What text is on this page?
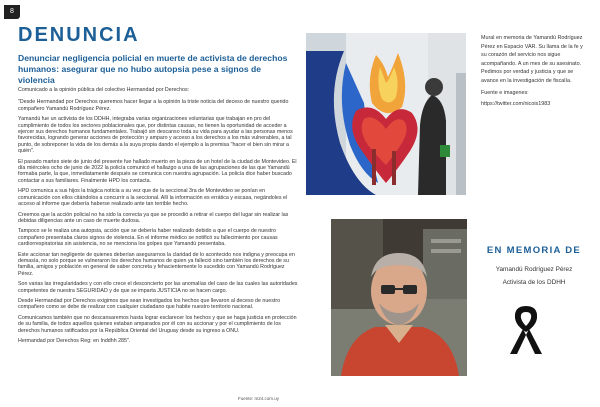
8
DENUNCIA
Denunciar negligencia policial en muerte de activista de derechos humanos: asegurar que no hubo autopsia pese a signos de violencia

Comunicado a la opinión pública del colectivo Hermandad por Derechos:

"Desde Hermandad por Derechos queremos hacer llegar a la opinión la triste noticia del deceso de nuestro querido compañero Yamandú Rodríguez Pérez.

Yamandú fue un activista de los DDHH, integraba varias organizaciones voluntarias que trabajan en pro del cumplimiento de todos los sectores poblacionales que, por distintas causas, no tienen la oportunidad de acceder a ejercer sus derechos humanos fundamentales. Trabajó sin descanso toda su vida para ayudar a las personas menos favorecidas, logrando generar acciones de protección y amparo y acceso a los derechos a los más vulnerables, a tal punto, de sobreponer la vida de los demás a la suya propia dando el ejemplo a la premisa "hacer el bien sin mirar a quién".

El pasado martes siete de junio del presente fue hallado muerto en la pieza de un hotel de la ciudad de Montevideo. El día miércoles ocho de junio de 2022 la policía comunicó el hallazgo a una de las agrupaciones de las que Yamandú formaba parte, la que, inmediatamente después se comunica con nuestra agrupación. La policía dice haber buscado contactar a sus familiares. Finalmente HPD los contacta.

HPD comunica a sus hijos la trágica noticia a su vez que de la seccional 3ra de Montevideo se ponían en comunicación con ellos citándolos a concurrir a la seccional. Allí la información es errática y escasa, negándoles el acceso al informe que debería haberse realizado ante tan terrible hecho.

Creemos que la acción policial no ha sido la correcta ya que se procedió a retirar el cuerpo del lugar sin realizar las debidas diligencias ante un caso de muerte dudosa.

Tampoco se le realiza una autopsia, acción que se debería haber realizado debido a que el cuerpo de nuestro compañero presentaba claros signos de violencia. En el informe médico se notificó su fallecimiento por causas cardiorrespiratorias sin asistencia, no se menciona los golpes que Yamandú presentaba.

Este accionar tan negligente de quienes deberían asegurarnos la claridad de lo acontecido nos indigna y preocupa en demasía, no solo porque se vulneraron los derechos humanos de quien ya falleció sino también los derechos de su familia, amigos y población en general de saber concreta y fehacientemente lo sucedido con Yamandú Rodríguez Pérez.

Son varias las irregularidades y con ello crece el desconcierto por las anomalías del caso de las cuales las autoridades competentes de nuestra SEGURIDAD y de que se imparta JUSTICIA no se hacen cargo.

Desde Hermandad por Derechos exigimos que sean investigados los hechos que llevaron al deceso de nuestro compañero como se debe de realizar con cualquier ciudadano que habite nuestro territorio nacional.

Comunicamos también que no descansaremos hasta lograr esclarecer los hechos y que se haga justicia en protección de su familia, de todos aquellos quienes estaban amparados por él con su accionar y por el cumplimiento de los derechos humanos ratificados por la República Oriental del Uruguay desde su ingreso a ONU.

Hermandad por Derechos Reg: en Inddhh 285".

Fuente: m24.com.uy

Mural en memoria de Yamandú Rodríguez Pérez en Espacio VAR. Su llama de la fe y su corazón del servicio nos sigue acompañando. A un mes de su asesinato. Pedimos por verdad y justicia y que se avance en la investigación de fiscalía.

Fuente e imagenes:

https://twitter.com/nicois1983

EN MEMORIA DE
Yamandú Rodríguez Pérez
Activista de los DDHH
